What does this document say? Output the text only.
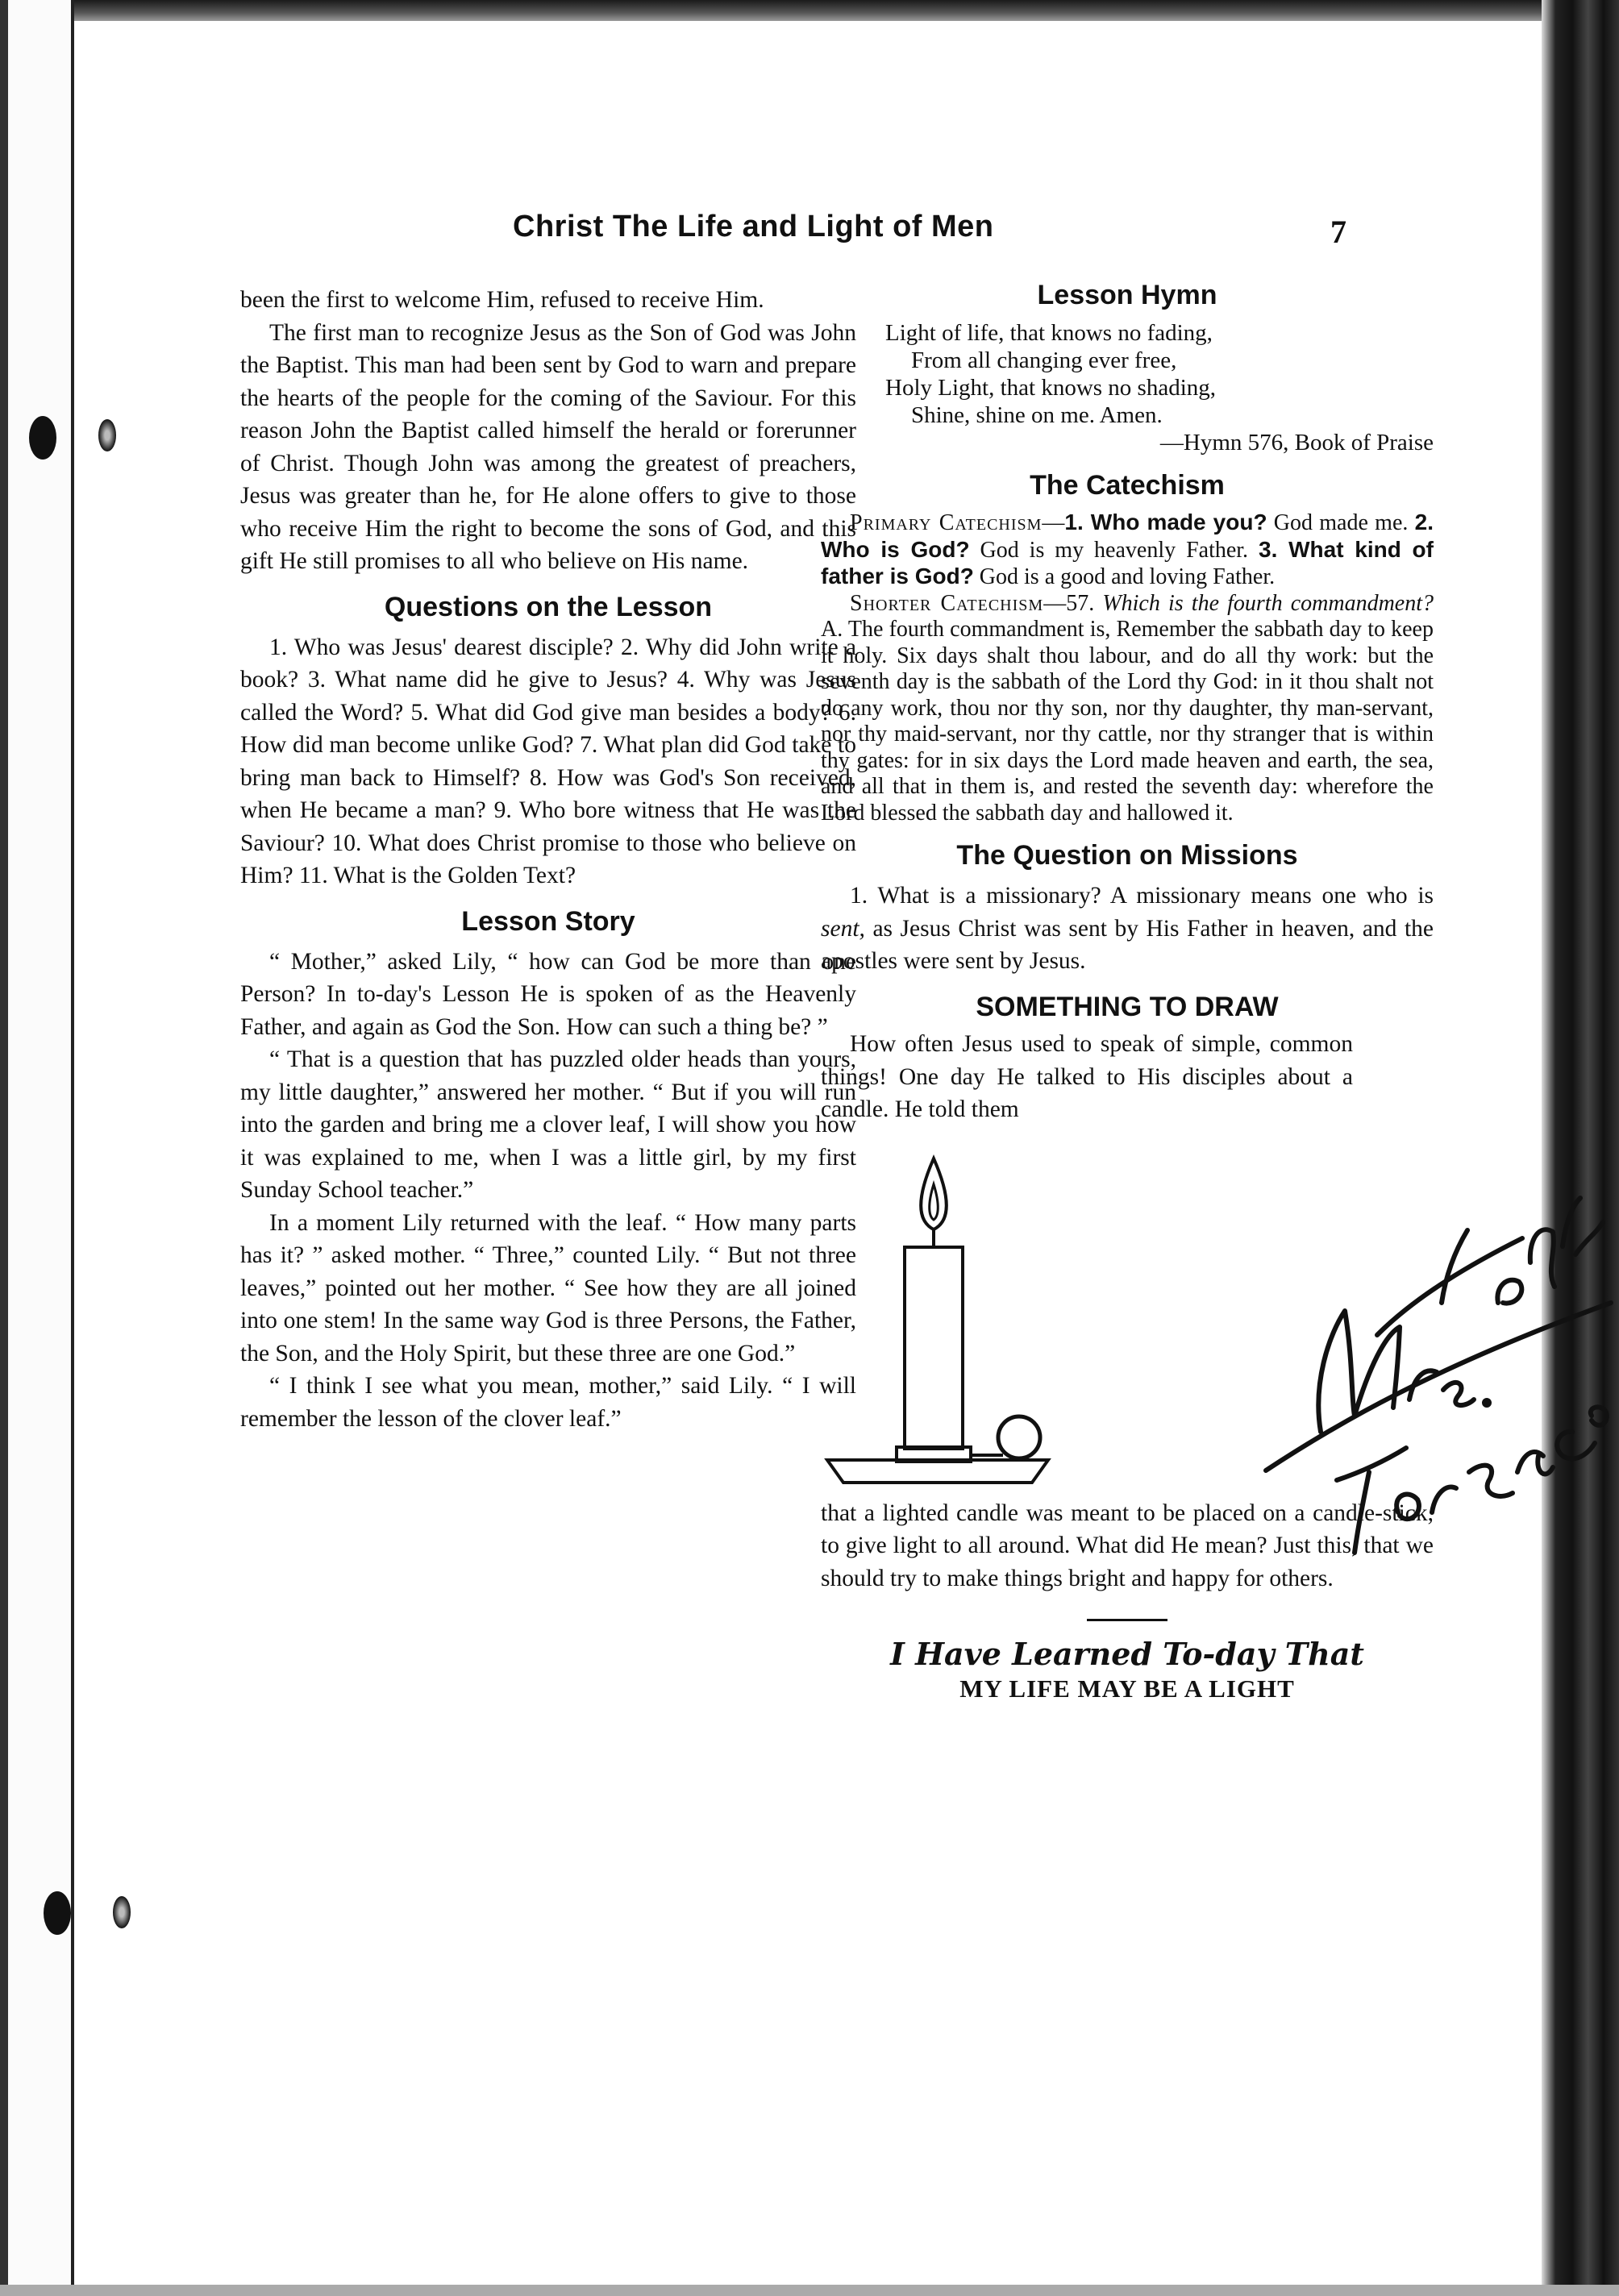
Christ The Life and Light of Men	7

been the first to welcome Him, refused to receive Him.

The first man to recognize Jesus as the Son of God was John the Baptist. This man had been sent by God to warn and prepare the hearts of the people for the coming of the Saviour. For this reason John the Baptist called himself the herald or forerunner of Christ. Though John was among the greatest of preachers, Jesus was greater than he, for He alone offers to give to those who receive Him the right to become the sons of God, and this gift He still promises to all who believe on His name.

Questions on the Lesson

1. Who was Jesus' dearest disciple? 2. Why did John write a book? 3. What name did he give to Jesus? 4. Why was Jesus called the Word? 5. What did God give man besides a body? 6. How did man become unlike God? 7. What plan did God take to bring man back to Himself? 8. How was God's Son received, when He became a man? 9. Who bore witness that He was the Saviour? 10. What does Christ promise to those who believe on Him? 11. What is the Golden Text?

Lesson Story

“ Mother,” asked Lily, “ how can God be more than one Person? In to-day's Lesson He is spoken of as the Heavenly Father, and again as God the Son. How can such a thing be? ”

“ That is a question that has puzzled older heads than yours, my little daughter,” answered her mother. “ But if you will run into the garden and bring me a clover leaf, I will show you how it was explained to me, when I was a little girl, by my first Sunday School teacher.”

In a moment Lily returned with the leaf. “ How many parts has it? ” asked mother. “ Three,” counted Lily. “ But not three leaves,” pointed out her mother. “ See how they are all joined into one stem! In the same way God is three Persons, the Father, the Son, and the Holy Spirit, but these three are one God.”

“ I think I see what you mean, mother,” said Lily. “ I will remember the lesson of the clover leaf.”

Lesson Hymn
Light of life, that knows no fading,
From all changing ever free,
Holy Light, that knows no shading,
Shine, shine on me. Amen.
—Hymn 576, Book of Praise
The Catechism

Primary Catechism—1. Who made you? God made me. 2. Who is God? God is my heavenly Father. 3. What kind of father is God? God is a good and loving Father.

Shorter Catechism—57. Which is the fourth commandment? A. The fourth commandment is, Remember the sabbath day to keep it holy. Six days shalt thou labour, and do all thy work: but the seventh day is the sabbath of the Lord thy God: in it thou shalt not do any work, thou nor thy son, nor thy daughter, thy man-servant, nor thy maid-servant, nor thy cattle, nor thy stranger that is within thy gates: for in six days the Lord made heaven and earth, the sea, and all that in them is, and rested the seventh day: wherefore the Lord blessed the sabbath day and hallowed it.

The Question on Missions

1. What is a missionary? A missionary means one who is sent, as Jesus Christ was sent by His Father in heaven, and the apostles were sent by Jesus.

SOMETHING TO DRAW

How often Jesus used to speak of simple, common things! One day He talked to His disciples about a candle. He told them

that a lighted candle was meant to be placed on a candle-stick, to give light to all around. What did He mean? Just this, that we should try to make things bright and happy for others.

I Have Learned To-day That
MY LIFE MAY BE A LIGHT
